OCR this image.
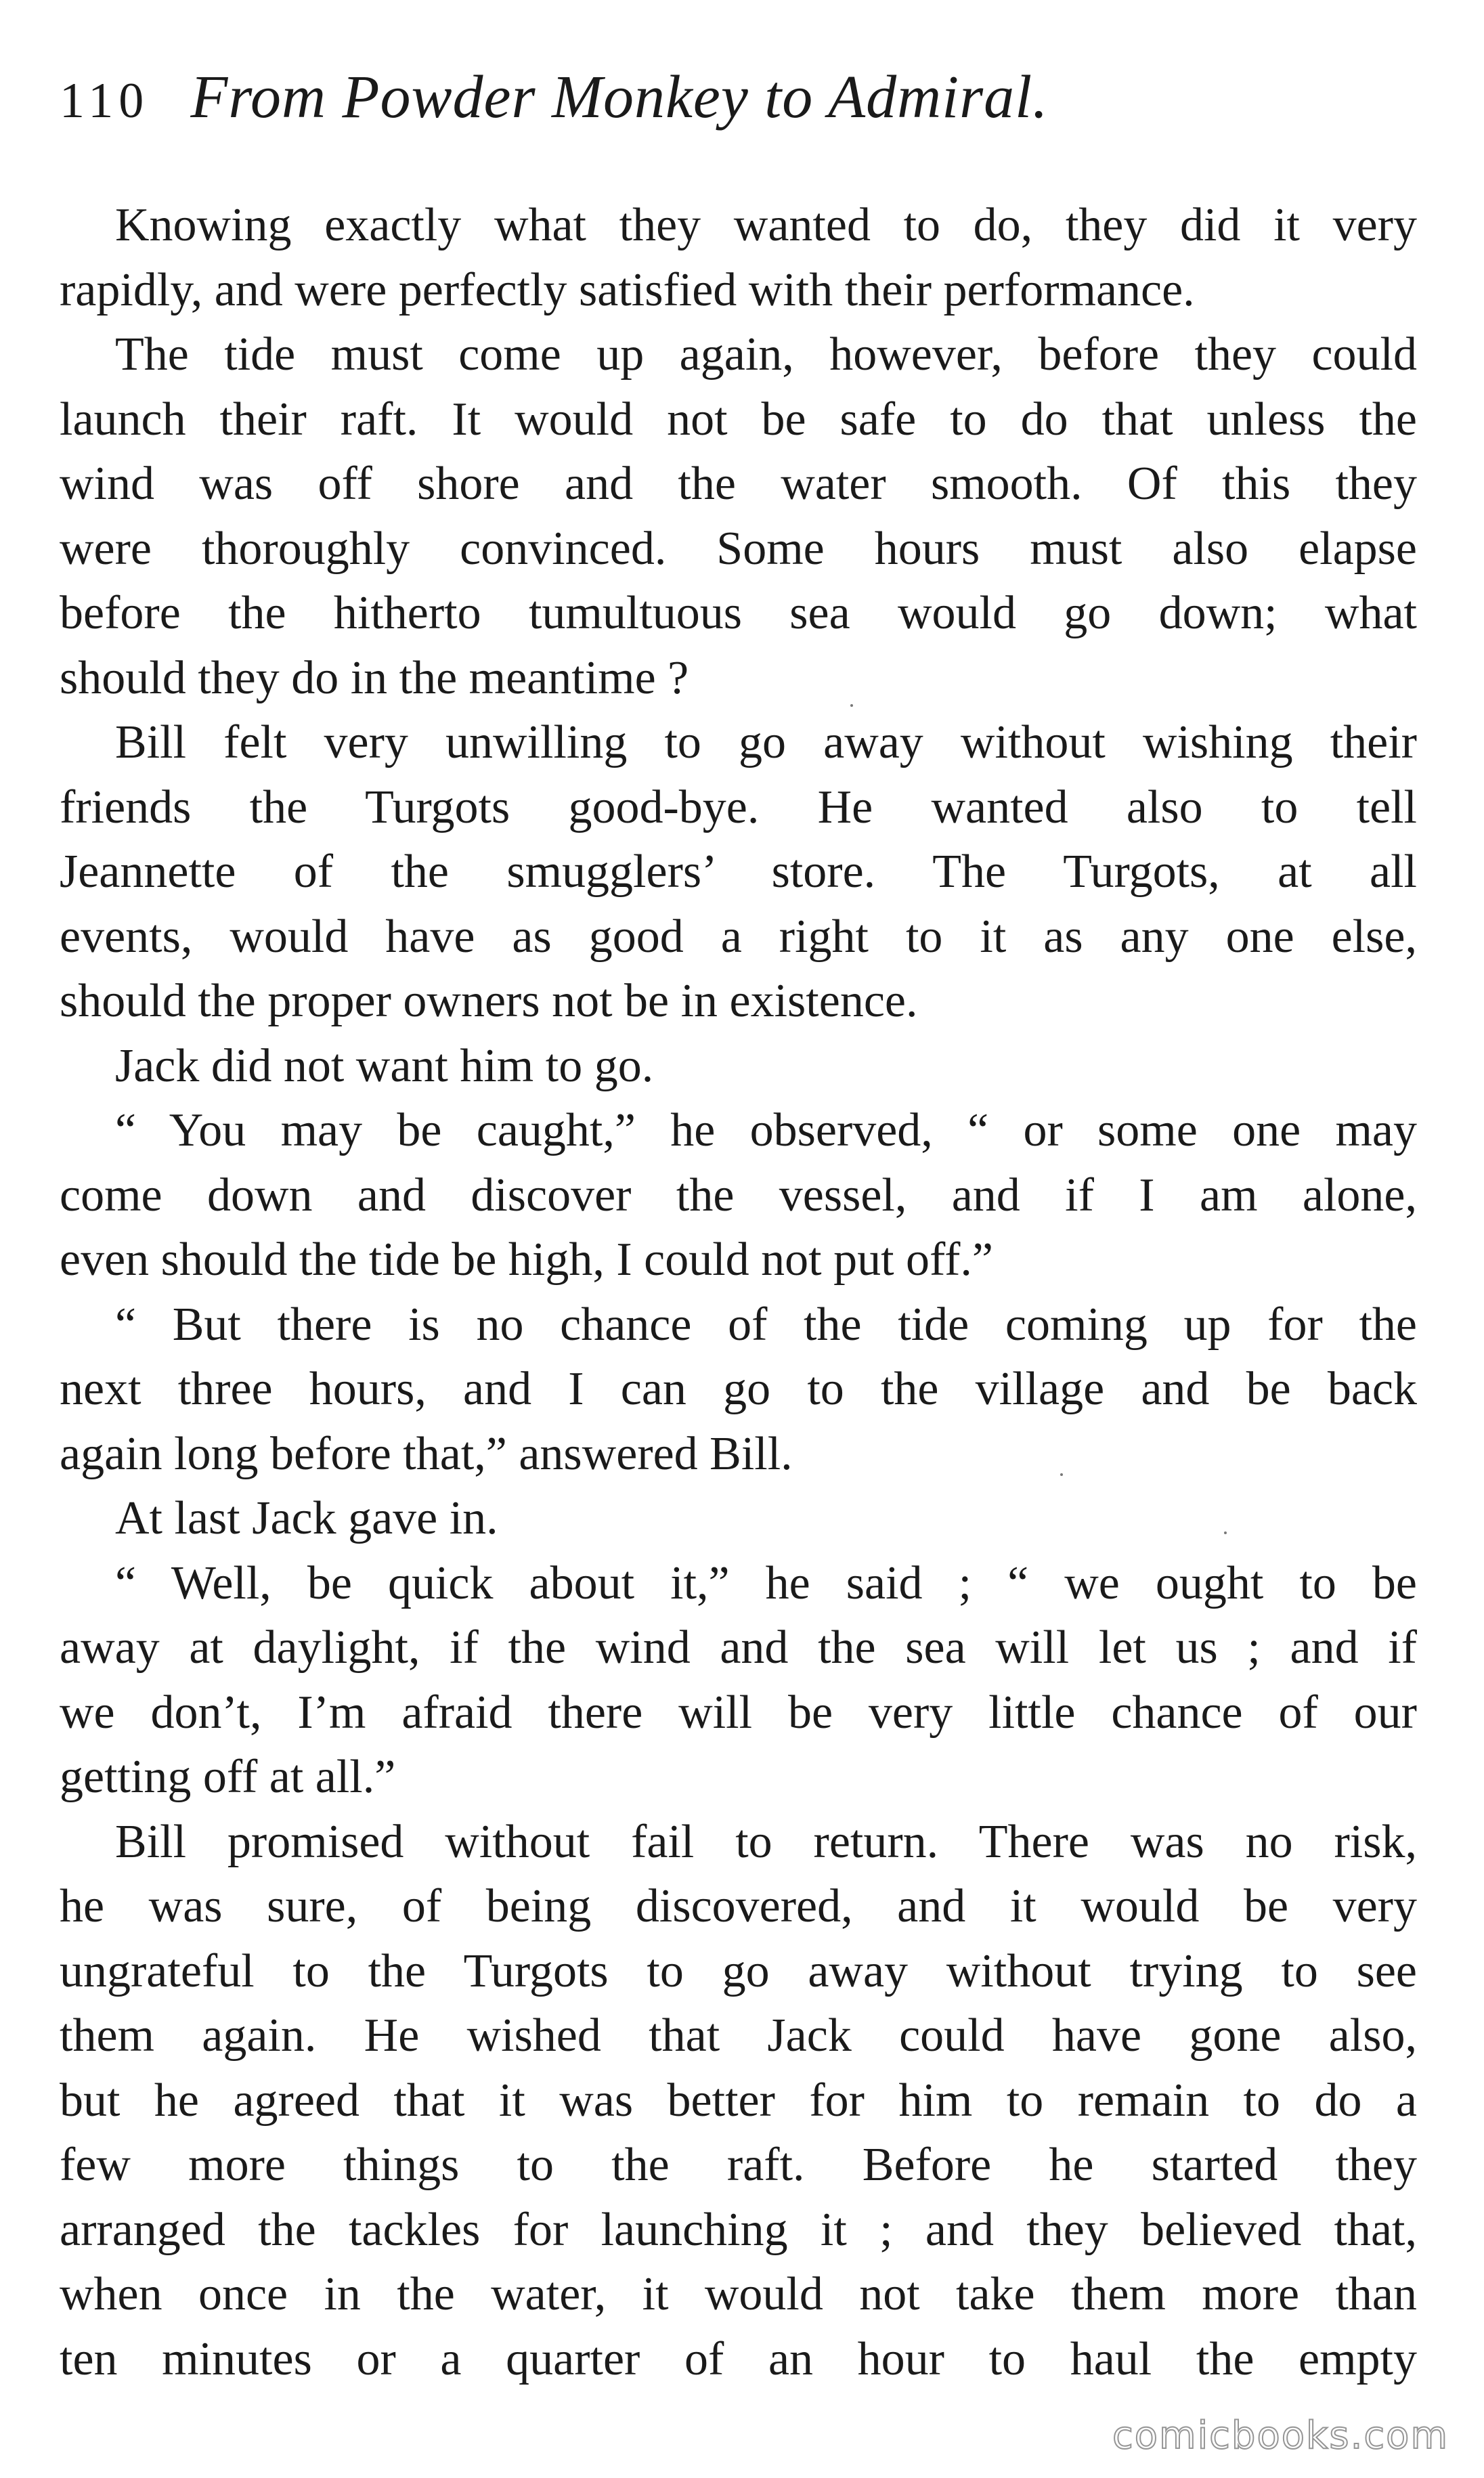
110 From Powder Monkey to Admiral.
Knowing exactly what they wanted to do, they did it very
rapidly, and were perfectly satisfied with their performance.
The tide must come up again, however, before they could
launch their raft. It would not be safe to do that unless the
wind was off shore and the water smooth. Of this they
were thoroughly convinced. Some hours must also elapse
before the hitherto tumultuous sea would go down; what
should they do in the meantime ?
Bill felt very unwilling to go away without wishing their
friends the Turgots good-bye. He wanted also to tell
Jeannette of the smugglers’ store. The Turgots, at all
events, would have as good a right to it as any one else,
should the proper owners not be in existence.
Jack did not want him to go.
“ You may be caught,” he observed, “ or some one may
come down and discover the vessel, and if I am alone,
even should the tide be high, I could not put off.”
“ But there is no chance of the tide coming up for the
next three hours, and I can go to the village and be back
again long before that,” answered Bill.
At last Jack gave in.
“ Well, be quick about it,” he said ; “ we ought to be
away at daylight, if the wind and the sea will let us ; and if
we don’t, I’m afraid there will be very little chance of our
getting off at all.”
Bill promised without fail to return. There was no risk,
he was sure, of being discovered, and it would be very
ungrateful to the Turgots to go away without trying to see
them again. He wished that Jack could have gone also,
but he agreed that it was better for him to remain to do a
few more things to the raft. Before he started they
arranged the tackles for launching it ; and they believed that,
when once in the water, it would not take them more than
ten minutes or a quarter of an hour to haul the empty
comicbooks.com
